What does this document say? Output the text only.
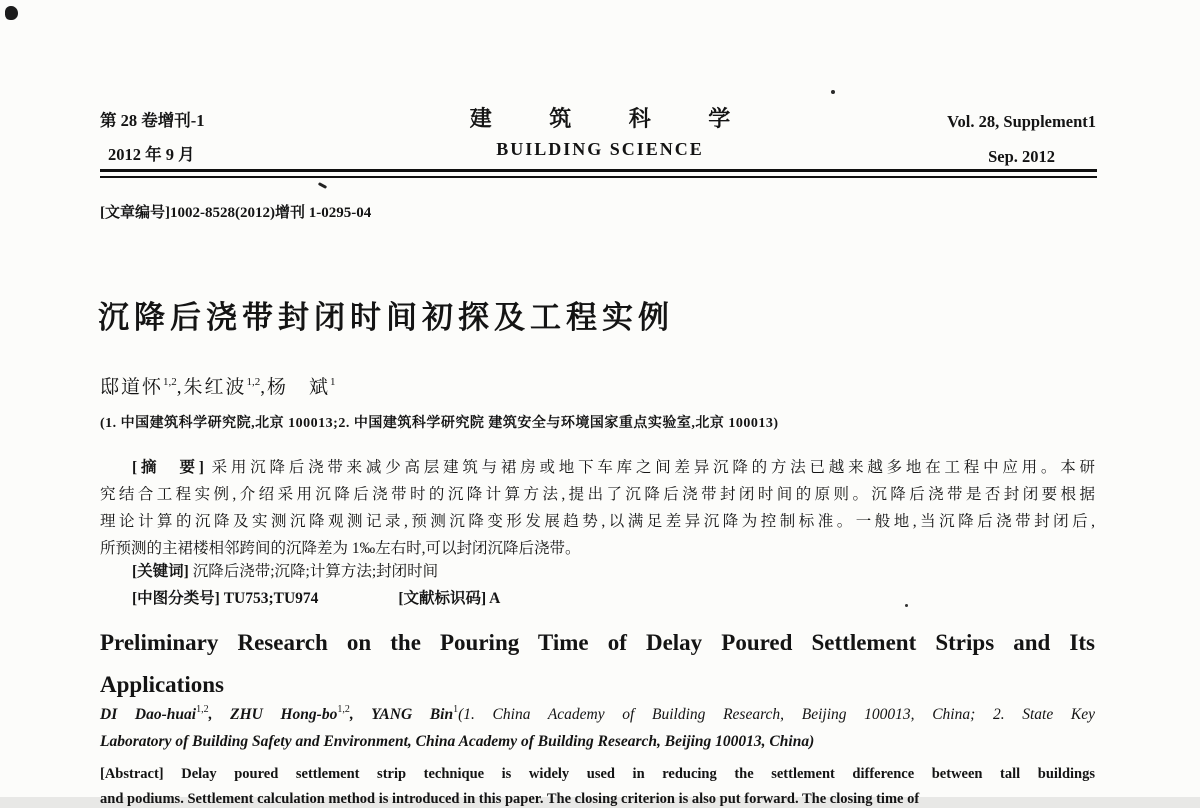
第 28 卷增刊-1
2012 年 9 月
建 筑 科 学
BUILDING SCIENCE
Vol. 28, Supplement1
Sep. 2012
[文章编号]1002-8528(2012)增刊 1-0295-04
沉降后浇带封闭时间初探及工程实例
邸道怀$^{1,2}$,朱红波$^{1,2}$,杨　斌$^1$
(1. 中国建筑科学研究院,北京 100013;2. 中国建筑科学研究院 建筑安全与环境国家重点实验室,北京 100013)
[摘　要] 采用沉降后浇带来减少高层建筑与裙房或地下车库之间差异沉降的方法已越来越多地在工程中应用。本研
究结合工程实例,介绍采用沉降后浇带时的沉降计算方法,提出了沉降后浇带封闭时间的原则。沉降后浇带是否封闭要根据
理论计算的沉降及实测沉降观测记录,预测沉降变形发展趋势,以满足差异沉降为控制标准。一般地,当沉降后浇带封闭后,
所预测的主裙楼相邻跨间的沉降差为 1‰左右时,可以封闭沉降后浇带。
[关键词] 沉降后浇带;沉降;计算方法;封闭时间
[中图分类号] TU753;TU974	[文献标识码] A
Preliminary Research on the Pouring Time of Delay Poured Settlement Strips and Its
Applications
DI Dao-huai$^{1,2}$, ZHU Hong-bo$^{1,2}$, YANG Bin$^1$(1. China Academy of Building Research, Beijing 100013, China; 2. State Key
Laboratory of Building Safety and Environment, China Academy of Building Research, Beijing 100013, China)
[Abstract] Delay poured settlement strip technique is widely used in reducing the settlement difference between tall buildings
and podiums. Settlement calculation method is introduced in this paper. The closing criterion is also put forward. The closing time of
